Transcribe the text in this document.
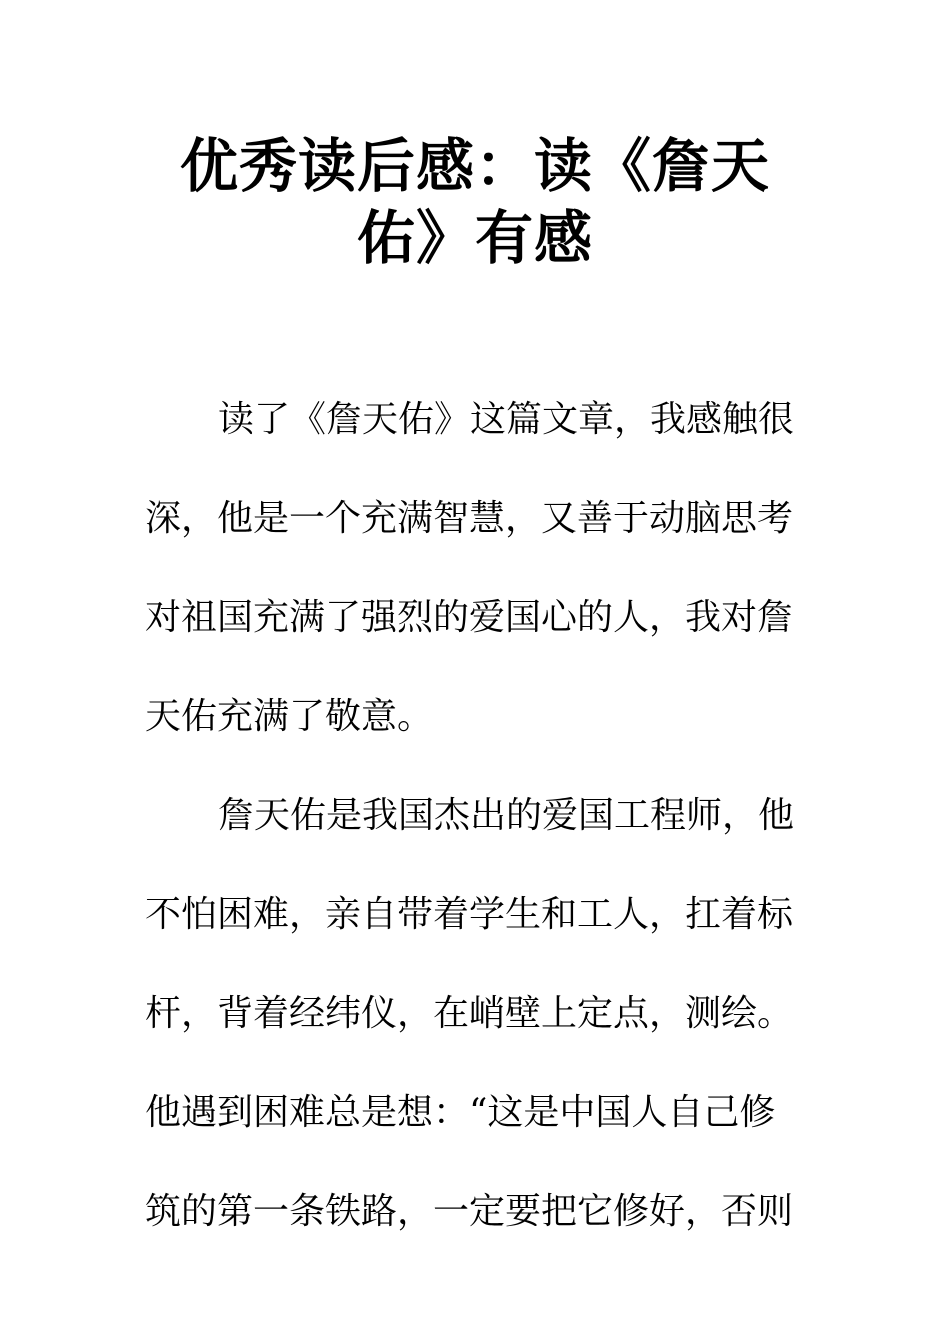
优秀读后感：读《詹天
佑》有感
读了《詹天佑》这篇文章，我感触很
深，他是一个充满智慧，又善于动脑思考
对祖国充满了强烈的爱国心的人，我对詹
天佑充满了敬意。
詹天佑是我国杰出的爱国工程师，他
不怕困难，亲自带着学生和工人，扛着标
杆，背着经纬仪，在峭壁上定点，测绘。
他遇到困难总是想：“这是中国人自己修
筑的第一条铁路，一定要把它修好，否则
